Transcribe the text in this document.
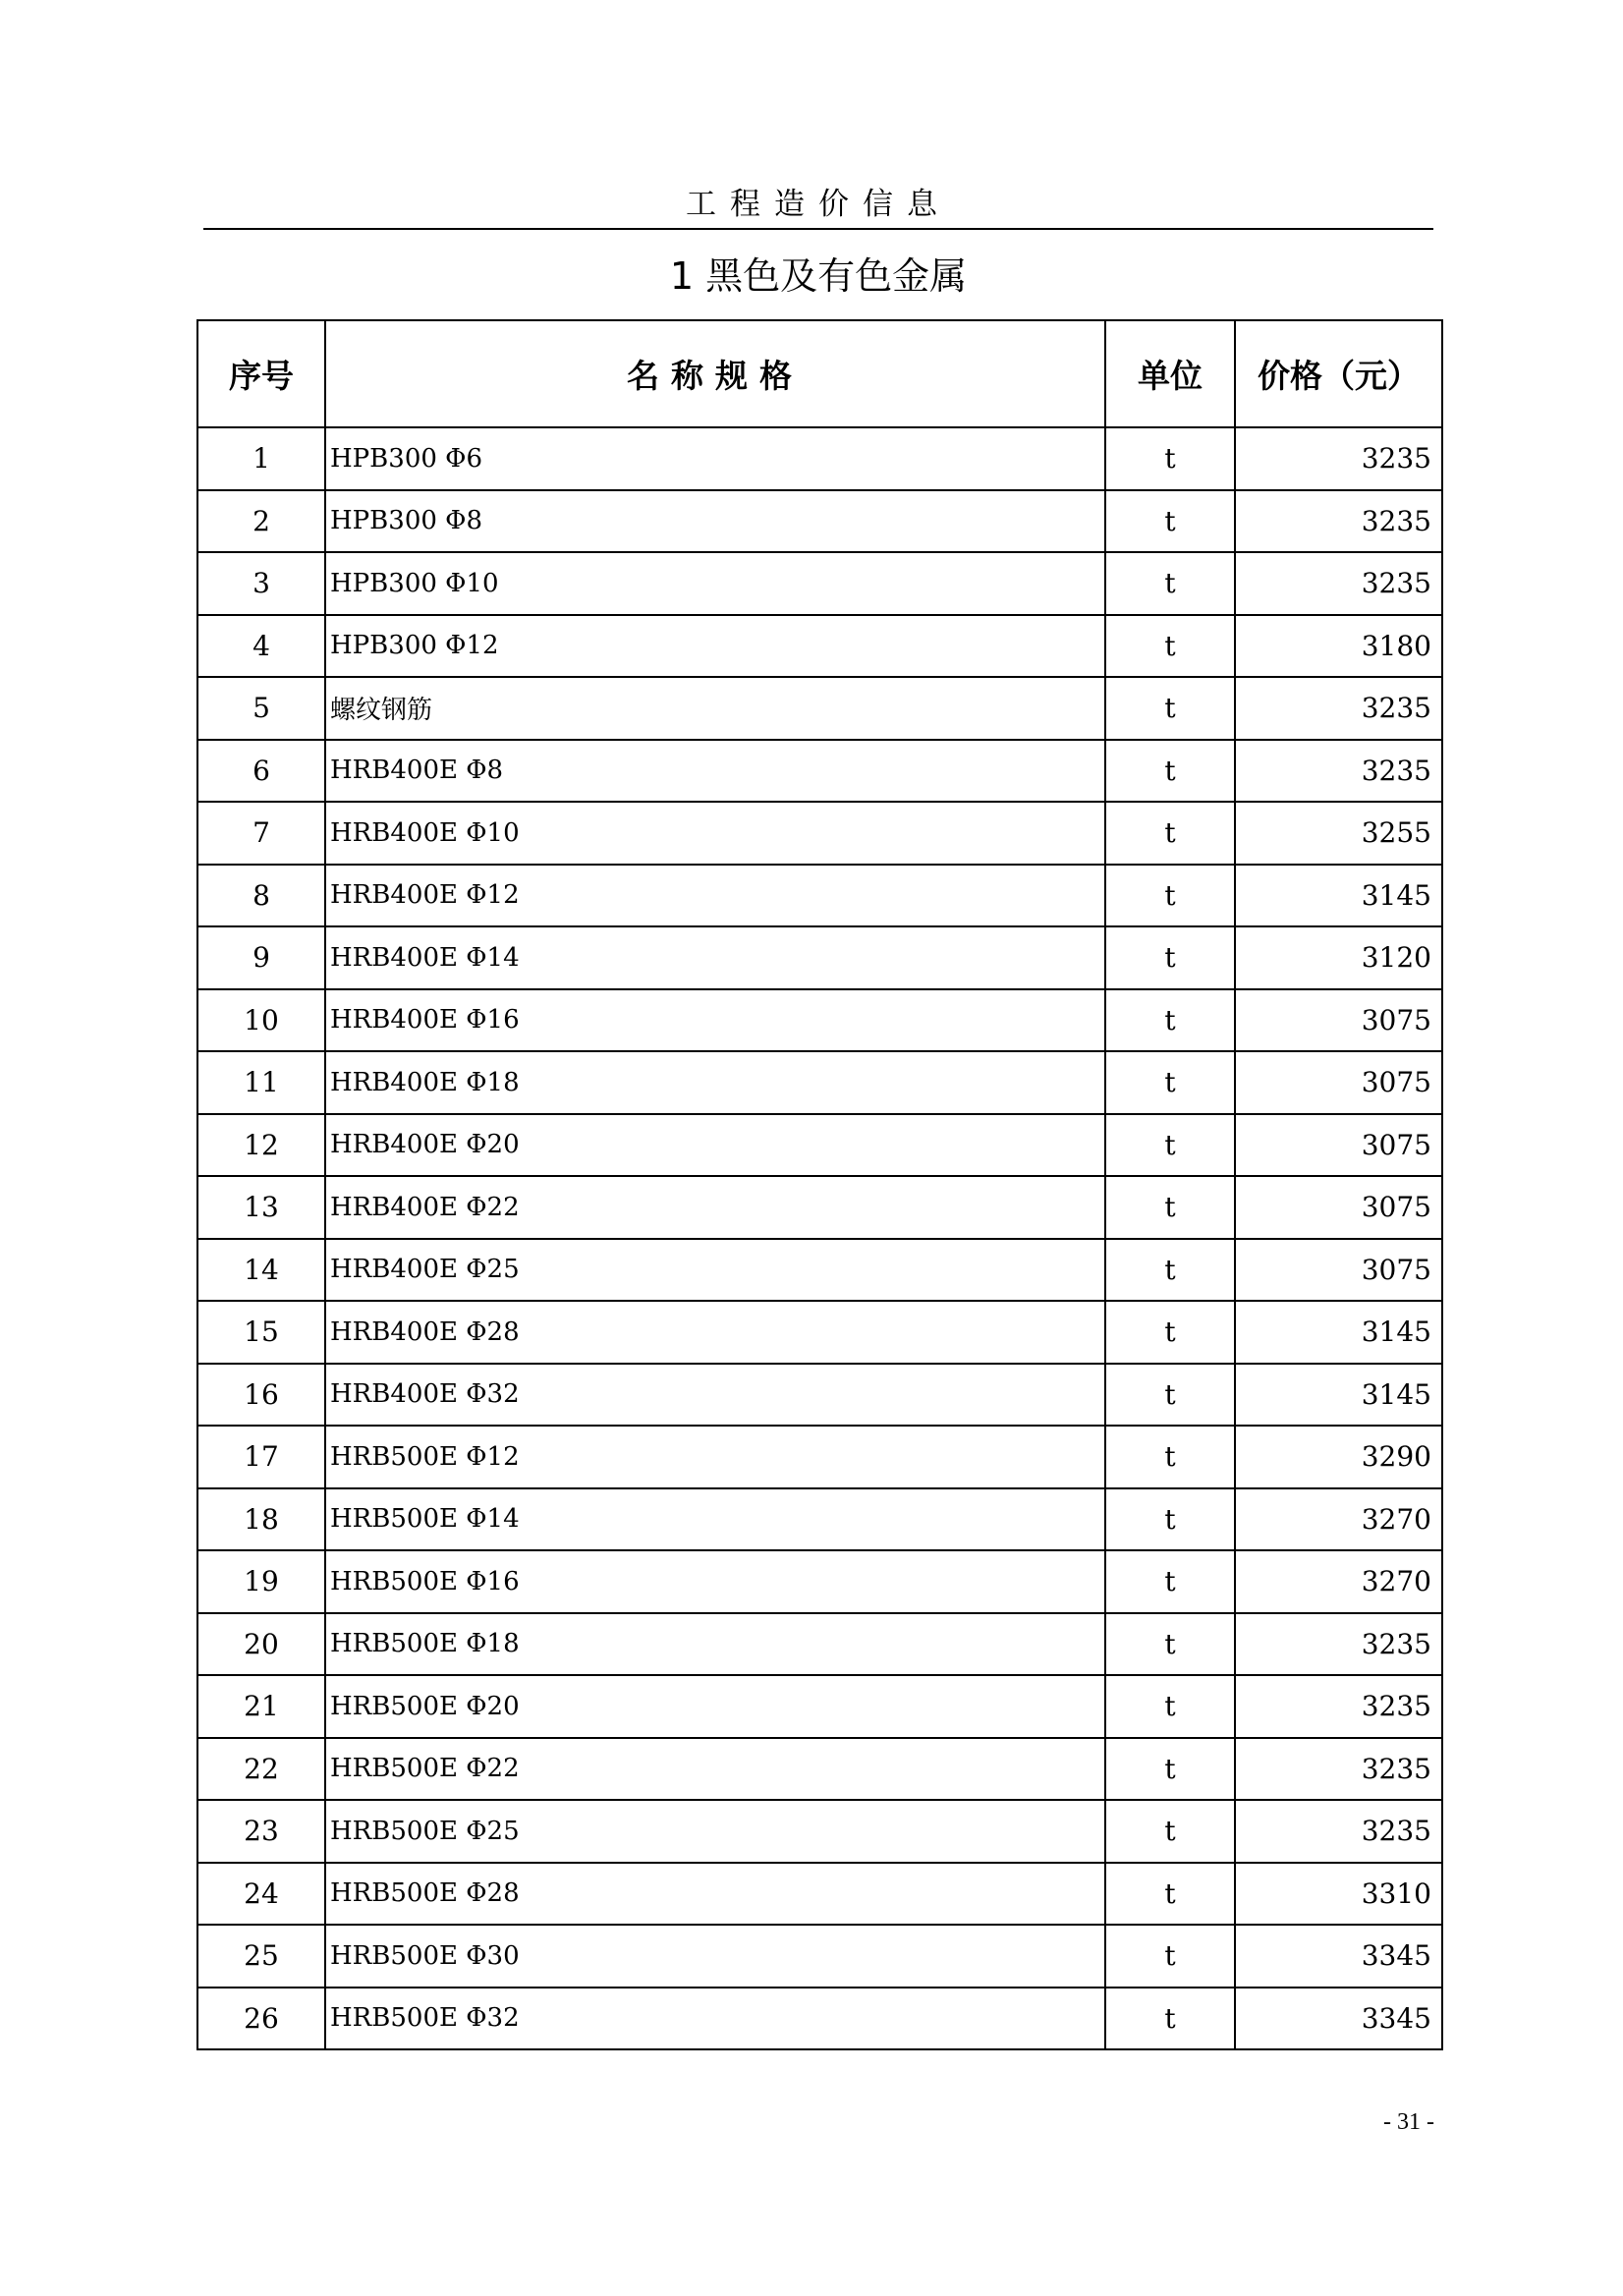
工程造价信息
1 黑色及有色金属
序号	名称规格	单位	价格（元）
1	HPB300 Φ6	t	3235
2	HPB300 Φ8	t	3235
3	HPB300 Φ10	t	3235
4	HPB300 Φ12	t	3180
5	螺纹钢筋	t	3235
6	HRB400E Φ8	t	3235
7	HRB400E Φ10	t	3255
8	HRB400E Φ12	t	3145
9	HRB400E Φ14	t	3120
10	HRB400E Φ16	t	3075
11	HRB400E Φ18	t	3075
12	HRB400E Φ20	t	3075
13	HRB400E Φ22	t	3075
14	HRB400E Φ25	t	3075
15	HRB400E Φ28	t	3145
16	HRB400E Φ32	t	3145
17	HRB500E Φ12	t	3290
18	HRB500E Φ14	t	3270
19	HRB500E Φ16	t	3270
20	HRB500E Φ18	t	3235
21	HRB500E Φ20	t	3235
22	HRB500E Φ22	t	3235
23	HRB500E Φ25	t	3235
24	HRB500E Φ28	t	3310
25	HRB500E Φ30	t	3345
26	HRB500E Φ32	t	3345
- 31 -
